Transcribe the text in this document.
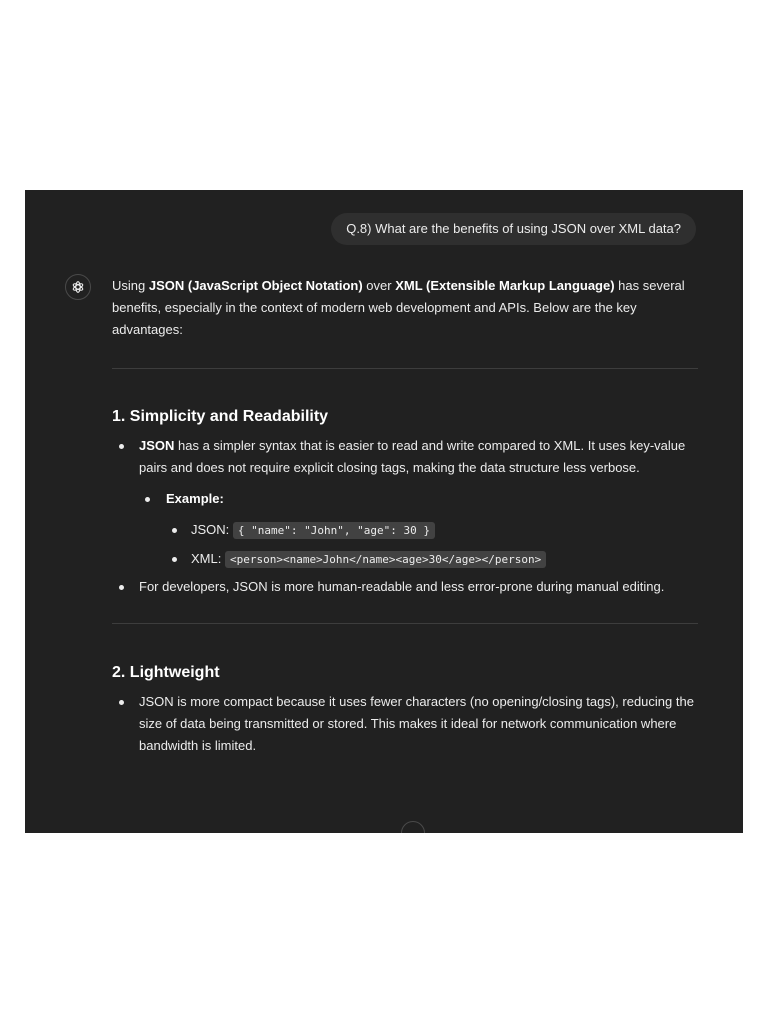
Q.8) What are the benefits of using JSON over XML data?

Using JSON (JavaScript Object Notation) over XML (Extensible Markup Language) has several benefits, especially in the context of modern web development and APIs. Below are the key advantages:

1. Simplicity and Readability
JSON has a simpler syntax that is easier to read and write compared to XML. It uses key-value pairs and does not require explicit closing tags, making the data structure less verbose.
Example:
JSON: { "name": "John", "age": 30 }
XML: <person><name>John</name><age>30</age></person>
For developers, JSON is more human-readable and less error-prone during manual editing.
2. Lightweight
JSON is more compact because it uses fewer characters (no opening/closing tags), reducing the size of data being transmitted or stored. This makes it ideal for network communication where bandwidth is limited.
